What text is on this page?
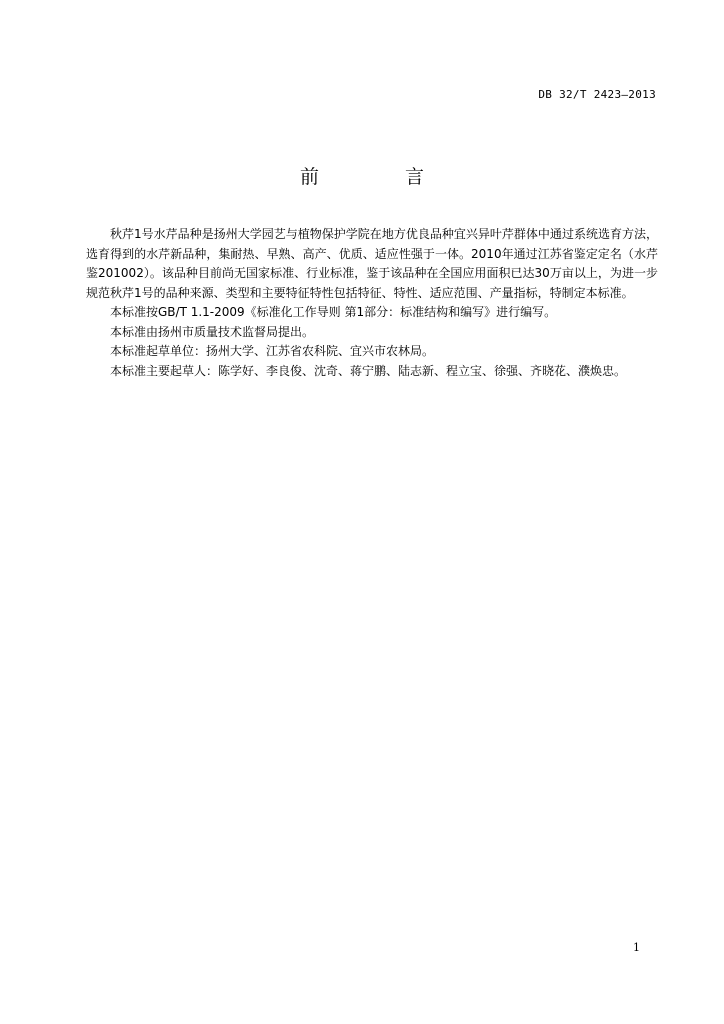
DB 32/T 2423—2013
前 言

秋芹1号水芹品种是扬州大学园艺与植物保护学院在地方优良品种宜兴异叶芹群体中通过系统选育方法，选育得到的水芹新品种，集耐热、早熟、高产、优质、适应性强于一体。2010年通过江苏省鉴定定名（水芹鉴201002）。该品种目前尚无国家标准、行业标准，鉴于该品种在全国应用面积已达30万亩以上，为进一步规范秋芹1号的品种来源、类型和主要特征特性包括特征、特性、适应范围、产量指标，特制定本标准。

本标准按GB/T 1.1-2009《标准化工作导则 第1部分：标准结构和编写》进行编写。

本标准由扬州市质量技术监督局提出。

本标准起草单位：扬州大学、江苏省农科院、宜兴市农林局。

本标准主要起草人：陈学好、李良俊、沈奇、蒋宁鹏、陆志新、程立宝、徐强、齐晓花、濮焕忠。

1
